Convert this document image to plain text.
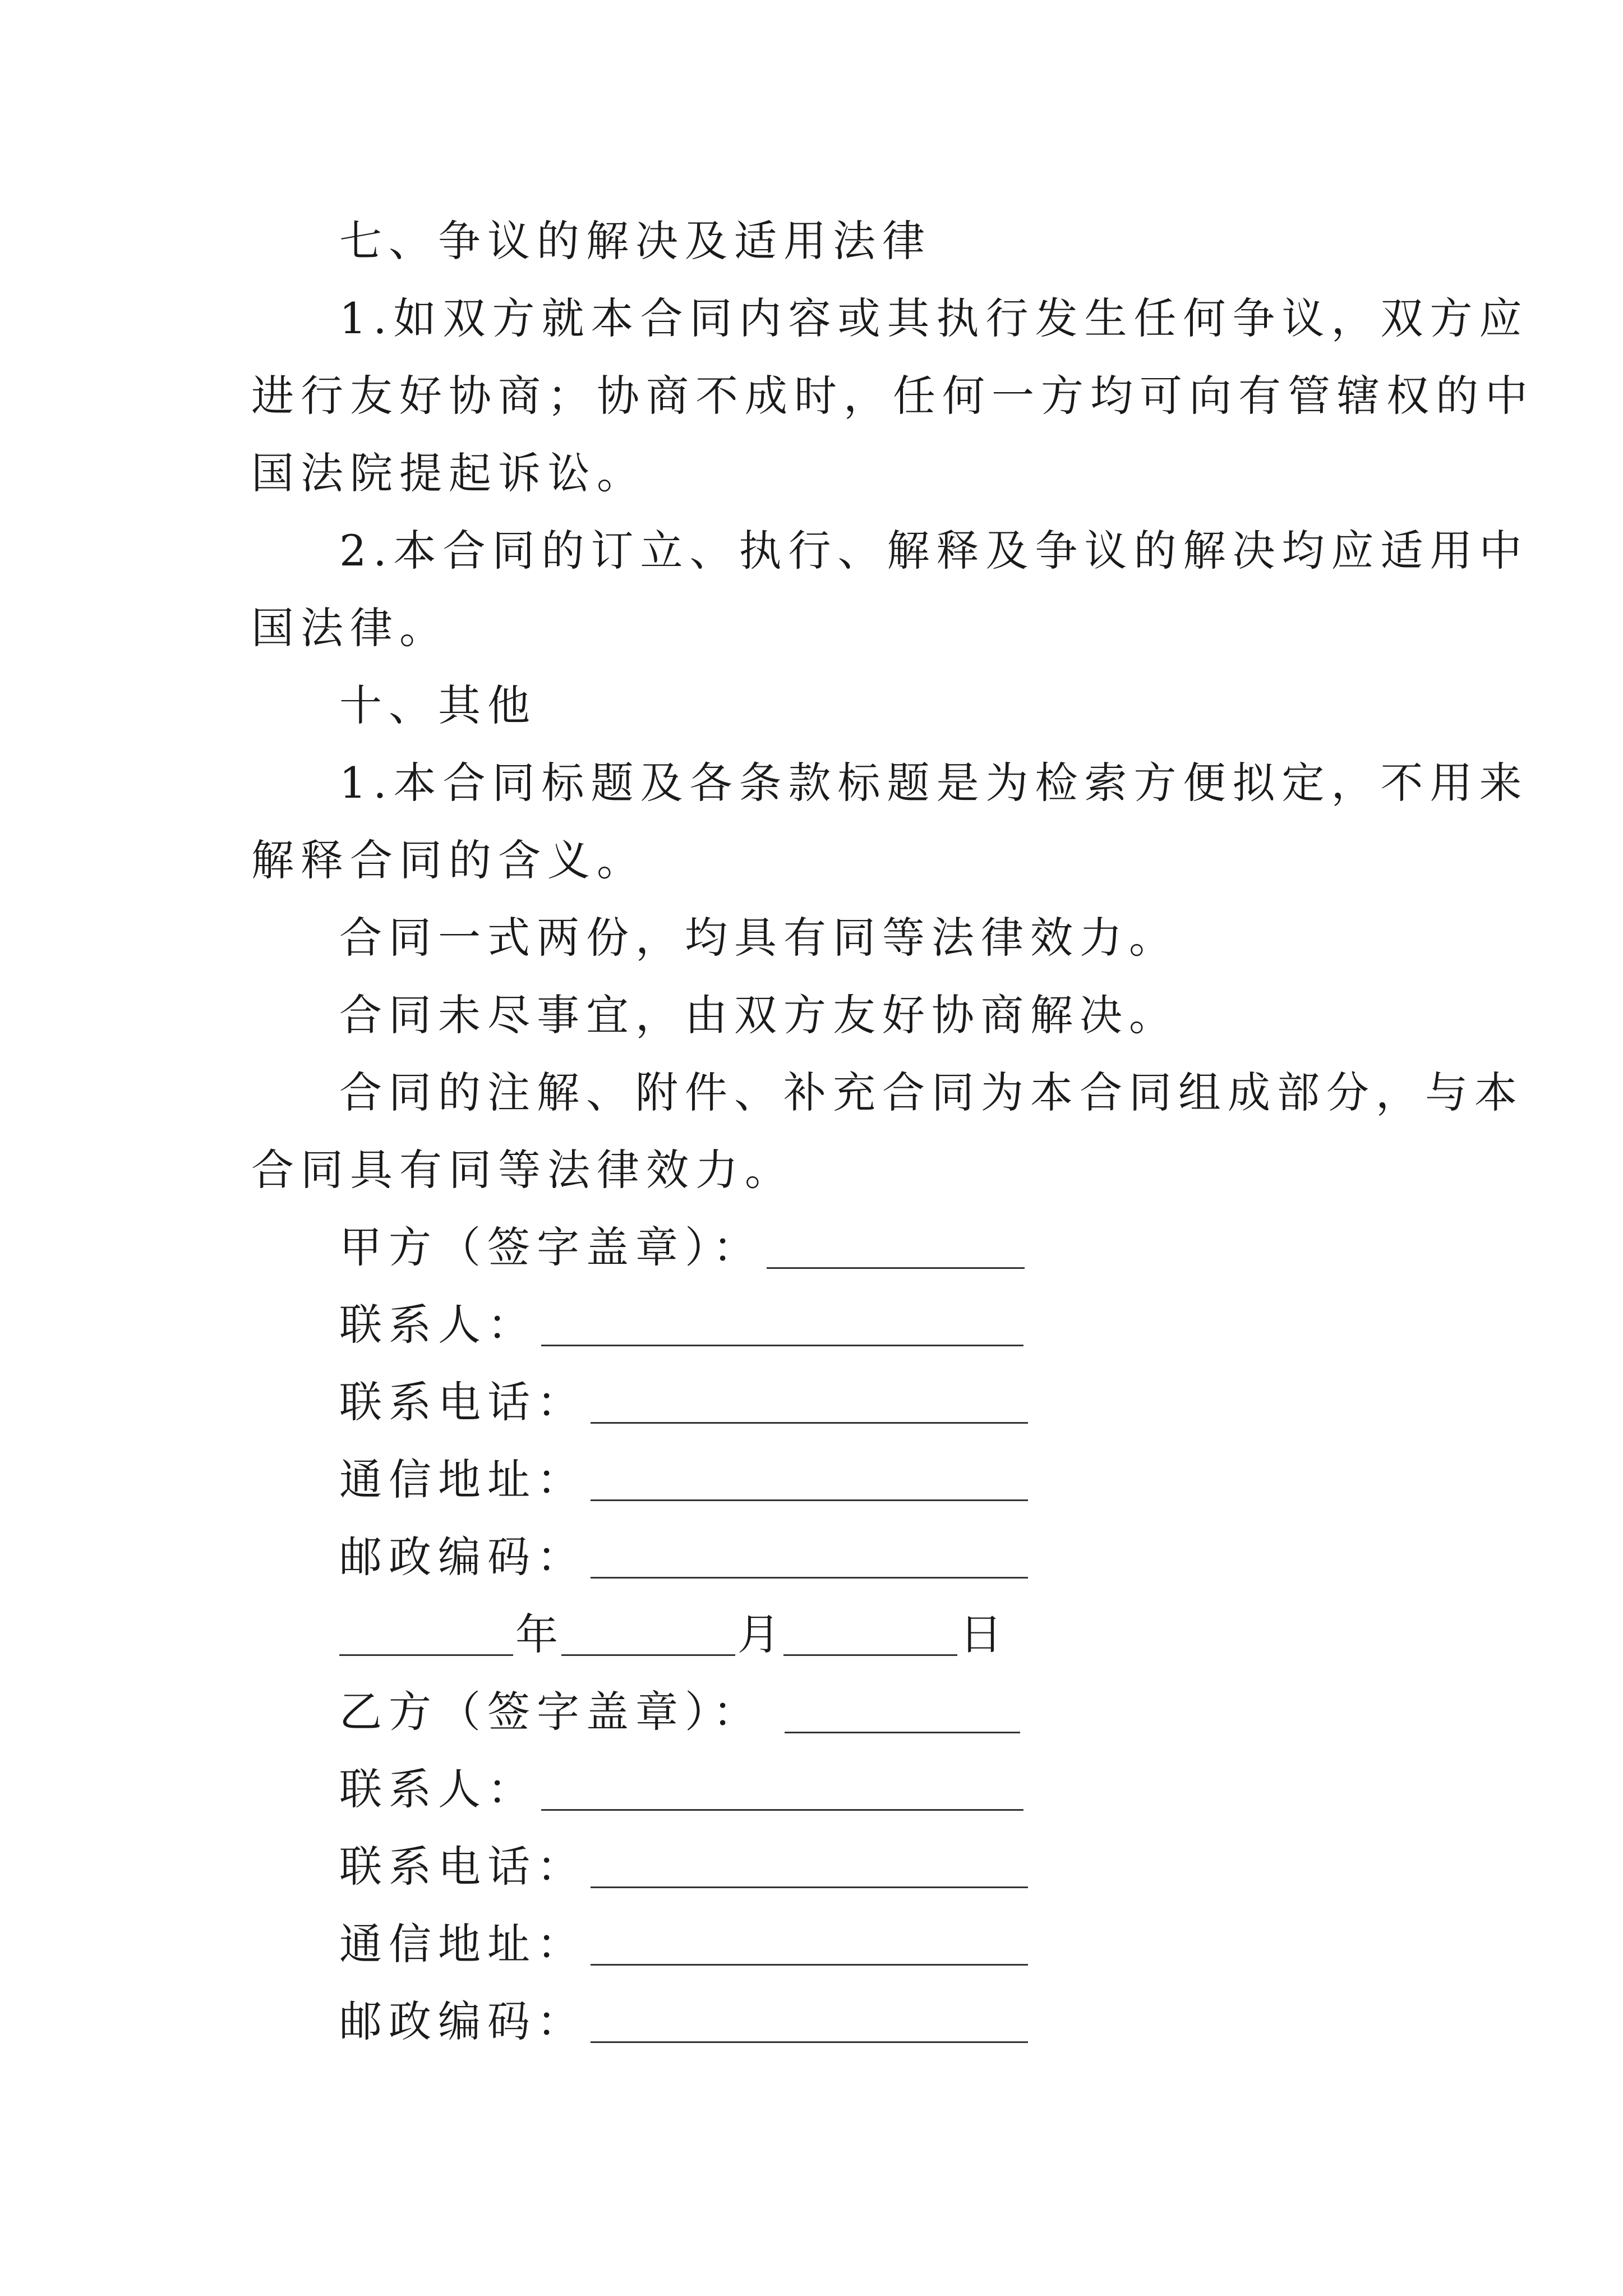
七、争议的解决及适用法律
1.如双方就本合同内容或其执行发生任何争议，双方应
进行友好协商；协商不成时，任何一方均可向有管辖权的中
国法院提起诉讼。
2.本合同的订立、执行、解释及争议的解决均应适用中
国法律。
十、其他
1.本合同标题及各条款标题是为检索方便拟定，不用来
解释合同的含义。
合同一式两份，均具有同等法律效力。
合同未尽事宜，由双方友好协商解决。
合同的注解、附件、补充合同为本合同组成部分，与本
合同具有同等法律效力。
甲方（签字盖章）：
联系人：
联系电话：
通信地址：
邮政编码：
年	月	日
乙方（签字盖章）：
联系人：
联系电话：
通信地址：
邮政编码：
